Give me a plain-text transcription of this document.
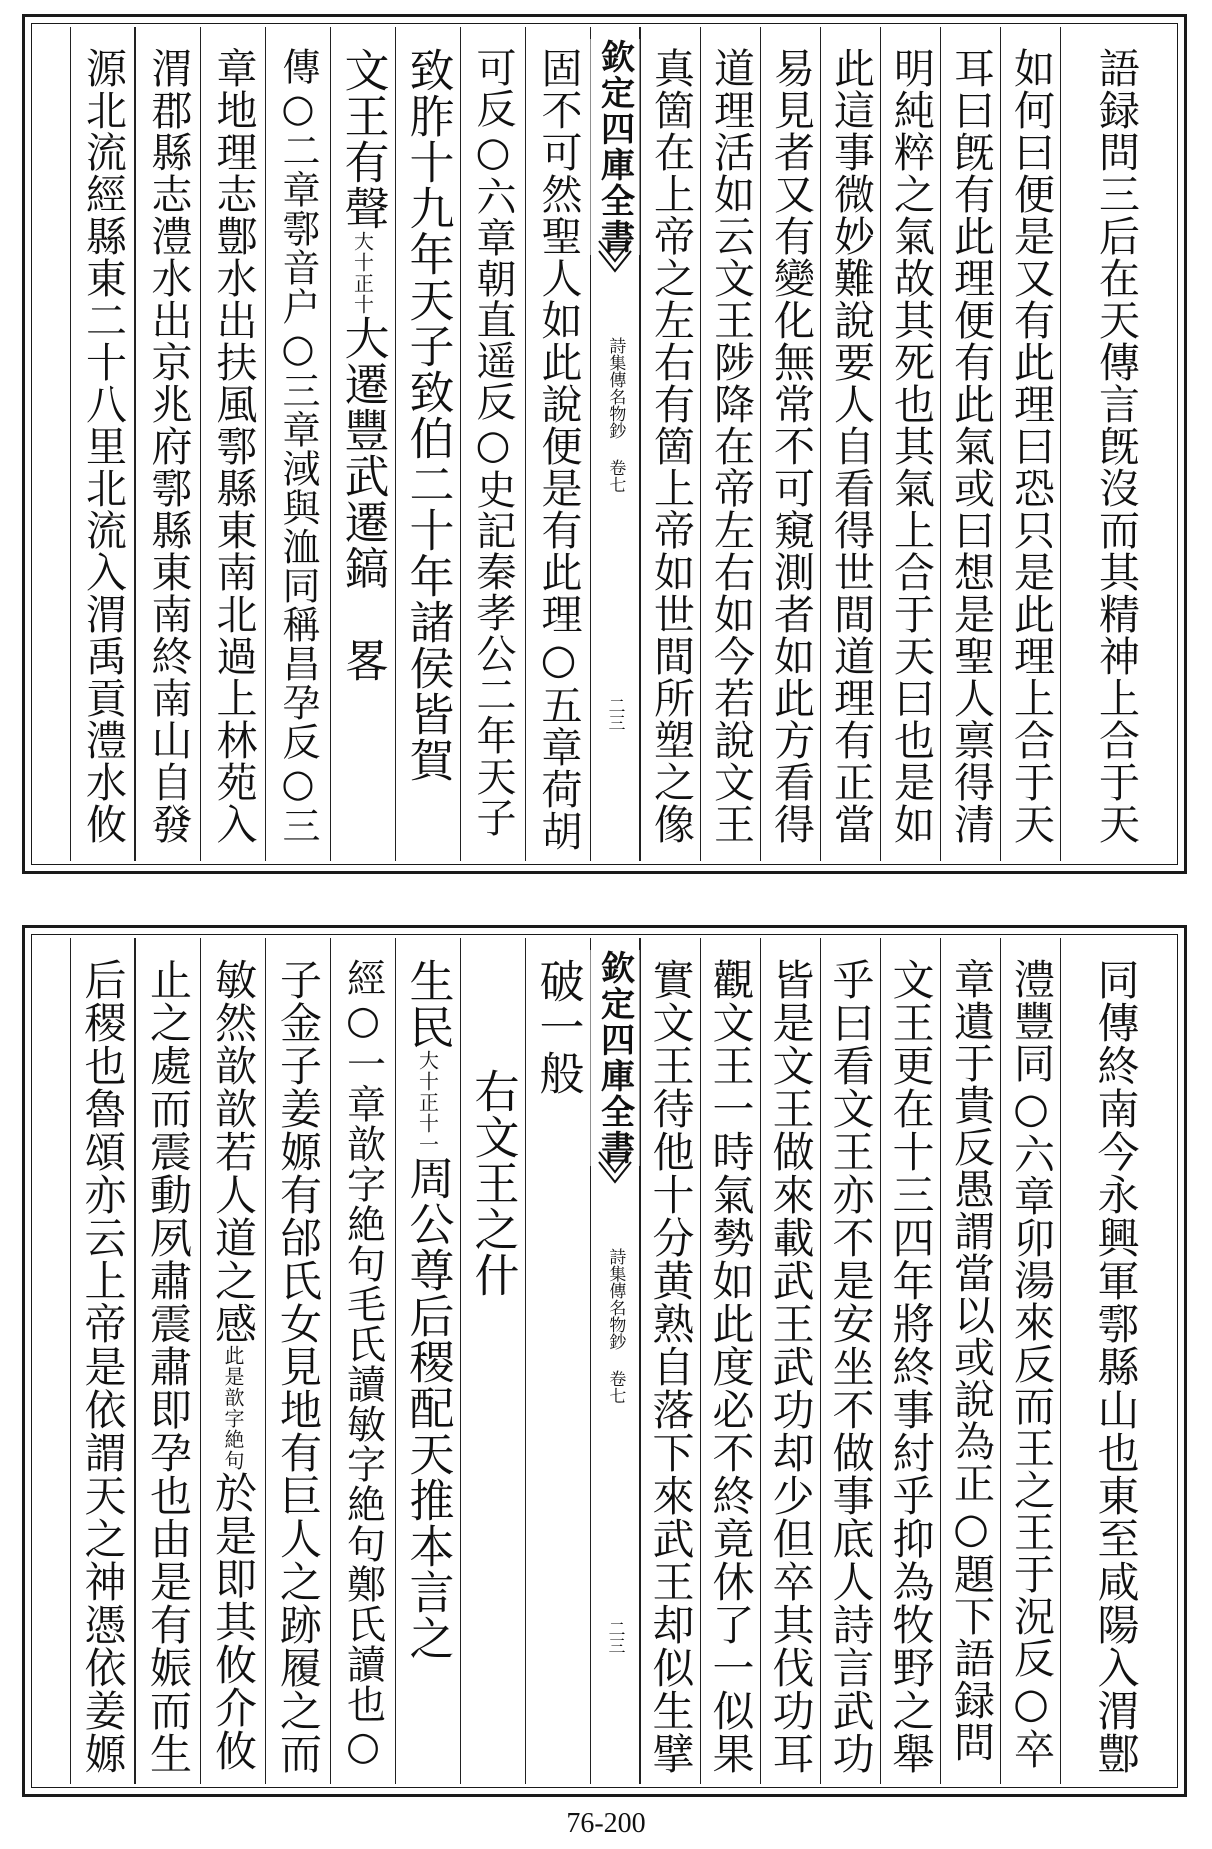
語録問三后在天傳言旣沒而其精神上合于天
如何曰便是又有此理曰恐只是此理上合于天
耳曰旣有此理便有此氣或曰想是聖人禀得清
明純粹之氣故其死也其氣上合于天曰也是如
此這事微妙難說要人自看得世間道理有正當
易見者又有變化無常不可窺測者如此方看得
道理活如云文王陟降在帝左右如今若說文王
真箇在上帝之左右有箇上帝如世間所塑之像
欽定四庫全書
詩集傳名物鈔 卷七
二三
固不可然聖人如此說便是有此理○五章荷胡
可反○六章朝直遥反○史記秦孝公二年天子
致胙十九年天子致伯二十年諸侯皆賀
文王有聲大十正十大遷豐武遷鎬　畧
傳○二章鄠音户○三章淢與洫同稱昌孕反○三
章地理志鄷水出扶風鄠縣東南北過上林苑入
渭郡縣志澧水出京兆府鄠縣東南終南山自發
源北流經縣東二十八里北流入渭禹貢澧水攸
同傳終南今永興軍鄠縣山也東至咸陽入渭鄷
澧豐同○六章卯湯來反而王之王于況反○卒
章遺于貴反愚謂當以或說為正○題下語録問
文王更在十三四年將終事紂乎抑為牧野之舉
乎曰看文王亦不是安坐不做事底人詩言武功
皆是文王做來載武王武功却少但卒其伐功耳
觀文王一時氣勢如此度必不終竟休了一似果
實文王待他十分黄熟自落下來武王却似生擘
欽定四庫全書
詩集傳名物鈔 卷七
二三
破一般
右文王之什
生民大十正十一周公尊后稷配天推本言之
經○一章歆字絶句毛氏讀敏字絶句鄭氏讀也○
子金子姜嫄有邰氏女見地有巨人之跡履之而
敏然歆歆若人道之感此是歆字絶句於是即其攸介攸
止之處而震動夙肅震肅即孕也由是有娠而生
后稷也魯頌亦云上帝是依謂天之神憑依姜嫄
76-200
